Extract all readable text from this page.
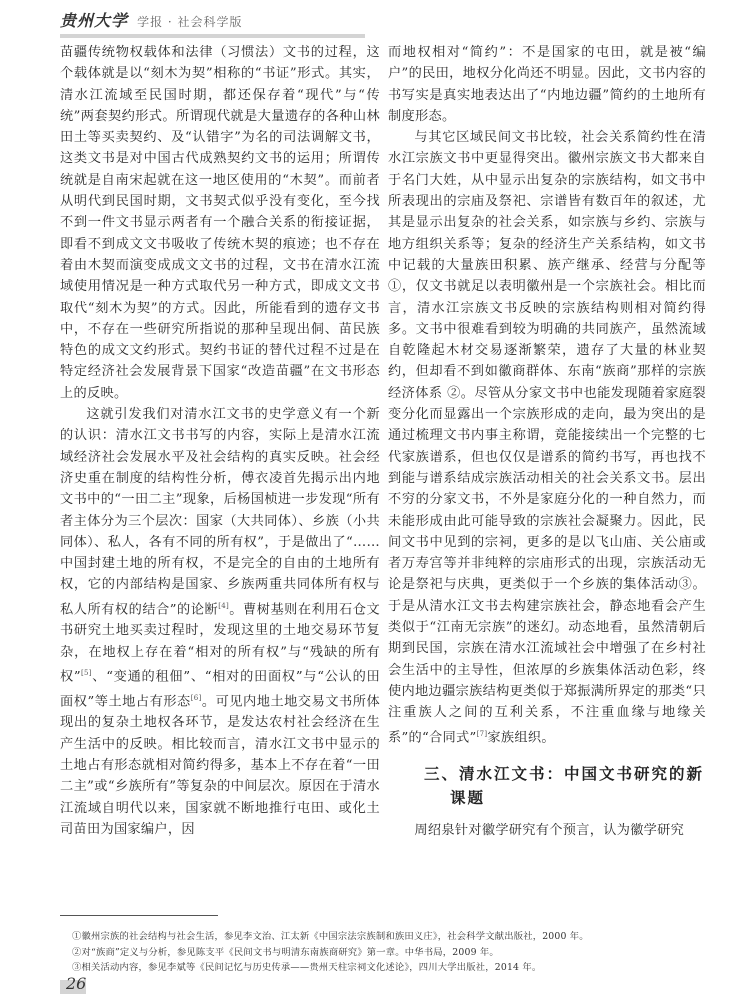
贵州大学 学报 · 社会科学版

苗疆传统物权载体和法律（习惯法）文书的过程，这个载体就是以“刻木为契”相称的“书证”形式。其实，清水江流域至民国时期，都还保存着“现代”与“传统”两套契约形式。所谓现代就是大量遗存的各种山林田土等买卖契约、及“认错字”为名的司法调解文书，这类文书是对中国古代成熟契约文书的运用；所谓传统就是自南宋起就在这一地区使用的“木契”。而前者从明代到民国时期，文书契式似乎没有变化，至今找不到一件文书显示两者有一个融合关系的衔接证据，即看不到成文文书吸收了传统木契的痕迹；也不存在着由木契而演变成成文文书的过程，文书在清水江流域使用情况是一种方式取代另一种方式，即成文文书取代“刻木为契”的方式。因此，所能看到的遗存文书中，不存在一些研究所指说的那种呈现出侗、苗民族特色的成文文约形式。契约书证的替代过程不过是在特定经济社会发展背景下国家“改造苗疆”在文书形态上的反映。

这就引发我们对清水江文书的史学意义有一个新的认识：清水江文书书写的内容，实际上是清水江流域经济社会发展水平及社会结构的真实反映。社会经济史重在制度的结构性分析，傅衣凌首先揭示出内地文书中的“一田二主”现象，后杨国桢进一步发现“所有者主体分为三个层次：国家（大共同体）、乡族（小共同体）、私人，各有不同的所有权”，于是做出了“……中国封建土地的所有权，不是完全的自由的土地所有权，它的内部结构是国家、乡族两重共同体所有权与私人所有权的结合”的论断[4]。曹树基则在利用石仓文书研究土地买卖过程时，发现这里的土地交易环节复杂，在地权上存在着“相对的所有权”与“残缺的所有权”[5]、“变通的租佃”、“相对的田面权”与“公认的田面权”等土地占有形态[6]。可见内地土地交易文书所体现出的复杂土地权各环节，是发达农村社会经济在生产生活中的反映。相比较而言，清水江文书中显示的土地占有形态就相对简约得多，基本上不存在着“一田二主”或“乡族所有”等复杂的中间层次。原因在于清水江流域自明代以来，国家就不断地推行屯田、或化土司苗田为国家编户，因

而地权相对“简约”：不是国家的屯田，就是被“编户”的民田，地权分化尚还不明显。因此，文书内容的书写实是真实地表达出了“内地边疆”简约的土地所有制度形态。

与其它区域民间文书比较，社会关系简约性在清水江宗族文书中更显得突出。徽州宗族文书大都来自于名门大姓，从中显示出复杂的宗族结构，如文书中所表现出的宗庙及祭祀、宗谱皆有数百年的叙述，尤其是显示出复杂的社会关系，如宗族与乡约、宗族与地方组织关系等；复杂的经济生产关系结构，如文书中记载的大量族田积累、族产继承、经营与分配等①，仅文书就足以表明徽州是一个宗族社会。相比而言，清水江宗族文书反映的宗族结构则相对简约得多。文书中很难看到较为明确的共同族产，虽然流域自乾隆起木材交易逐渐繁荣，遗存了大量的林业契约，但却看不到如徽商群体、东南“族商”那样的宗族经济体系 ②。尽管从分家文书中也能发现随着家庭裂变分化而显露出一个宗族形成的走向，最为突出的是通过梳理文书内事主称谓，竟能接续出一个完整的七代家族谱系，但也仅仅是谱系的简约书写，再也找不到能与谱系结成宗族活动相关的社会关系文书。层出不穷的分家文书，不外是家庭分化的一种自然力，而未能形成由此可能导致的宗族社会凝聚力。因此，民间文书中见到的宗祠，更多的是以飞山庙、关公庙或者万寿宫等并非纯粹的宗庙形式的出现，宗族活动无论是祭祀与庆典，更类似于一个乡族的集体活动③。于是从清水江文书去构建宗族社会，静态地看会产生类似于“江南无宗族”的迷幻。动态地看，虽然清朝后期到民国，宗族在清水江流域社会中增强了在乡村社会生活中的主导性，但浓厚的乡族集体活动色彩，终使内地边疆宗族结构更类似于郑振满所界定的那类“只注重族人之间的互利关系，不注重血缘与地缘关系”的“合同式”[7]家族组织。

三、清水江文书：中国文书研究的新
课题

周绍泉针对徽学研究有个预言，认为徽学研究

①徽州宗族的社会结构与社会生活，参见李文治、江太新《中国宗法宗族制和族田义庄》，社会科学文献出版社，2000 年。
②对“族商”定义与分析，参见陈支平《民间文书与明清东南族商研究》第一章。中华书局，2009 年。
③相关活动内容，参见李斌等《民间记忆与历史传承——贵州天柱宗祠文化述论》，四川大学出版社，2014 年。
26
